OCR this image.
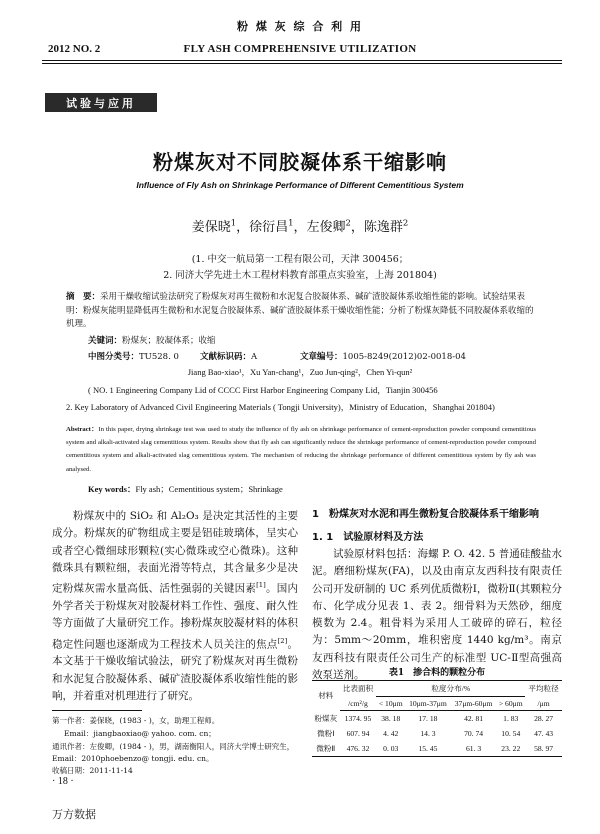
粉 煤 灰 综 合 利 用
2012 NO. 2	FLY ASH COMPREHENSIVE UTILIZATION
试验与应用
粉煤灰对不同胶凝体系干缩影响
Influence of Fly Ash on Shrinkage Performance of Different Cementitious System
姜保晓$^1$，徐衍昌$^1$，左俊卿$^2$，陈逸群$^2$
(1. 中交一航局第一工程有限公司，天津 300456；
2. 同济大学先进土木工程材料教育部重点实验室，上海 201804)
摘　要：采用干燥收缩试验法研究了粉煤灰对再生微粉和水泥复合胶凝体系、碱矿渣胶凝体系收缩性能的影响。试验结果表明：粉煤灰能明显降低再生微粉和水泥复合胶凝体系、碱矿渣胶凝体系干燥收缩性能；分析了粉煤灰降低不同胶凝体系收缩的机理。
关键词：粉煤灰；胶凝体系；收缩
中图分类号：TU528. 0 文献标识码：A	文章编号：1005-8249(2012)02-0018-04
Jiang Bao-xiao¹，Xu Yan-chang¹，Zuo Jun-qing²，Chen Yi-qun²
( NO. 1 Engineering Company Lid of CCCC First Harbor Engineering Company Lid，Tianjin 300456
2. Key Laboratory of Advanced Civil Engineering Materials ( Tongji University)，Ministry of Education，Shanghai 201804)
Abstract：In this paper, drying shrinkage test was used to study the influence of fly ash on shrinkage performance of cement-reproduction powder compound cementitious system and alkali-activated slag cementitious system. Results show that fly ash can significantly reduce the shrinkage performance of cement-reproduction powder compound cementitious system and alkali-activated slag cementitious system. The mechanism of reducing the shrinkage performance of different cementitious system by fly ash was analysed.
Key words：Fly ash；Cementitious system；Shrinkage
粉煤灰中的 SiO₂ 和 Al₂O₃ 是决定其活性的主要成分。粉煤灰的矿物组成主要是铝硅玻璃体，呈实心或者空心微细球形颗粒(实心微珠或空心微珠)。这种微珠具有颗粒细，表面光滑等特点，其含量多少是决定粉煤灰需水量高低、活性强弱的关键因素[1]。国内外学者关于粉煤灰对胶凝材料工作性、强度、耐久性等方面做了大量研究工作。掺粉煤灰胶凝材料的体积稳定性问题也逐渐成为工程技术人员关注的焦点[2]。本文基于干燥收缩试验法，研究了粉煤灰对再生微粉和水泥复合胶凝体系、碱矿渣胶凝体系收缩性能的影响，并着重对机理进行了研究。
第一作者：姜保晓，(1983 - )，女，助理工程师。
Email：jiangbaoxiao@ yahoo. com. cn；
通讯作者：左俊卿，(1984 - )，男，湖南衡阳人，同济大学博士研究生，Email：2010phoebenzo@ tongji. edu. cn。
收稿日期：2011-11-14
1　粉煤灰对水泥和再生微粉复合胶凝体系干缩影响
1. 1　试验原材料及方法
试验原材料包括：海螺 P. O. 42. 5 普通硅酸盐水泥。磨细粉煤灰(FA)，以及由南京友西科技有限责任公司开发研制的 UC 系列优质微粉Ⅰ，微粉Ⅱ(其颗粒分布、化学成分见表 1、表 2。细骨料为天然砂，细度模数为 2.4。粗骨料为采用人工破碎的碎石，粒径为：5mm～20mm，堆积密度 1440 kg/m³。南京友西科技有限责任公司生产的标准型 UC-Ⅱ型高强高效泵送剂。	表1　掺合料的颗粒分布
材料	比表面积	粒度分布/%				平均粒径
	/cm²/g	< 10μm	10μm-37μm	37μm-60μm	> 60μm	/μm
粉煤灰	1374. 95	38. 18	17. 18	42. 81	1. 83	28. 27
微粉Ⅰ	607. 94	4. 42	14. 3	70. 74	10. 54	47. 43
微粉Ⅱ	476. 32	0. 03	15. 45	61. 3	23. 22	58. 97
· 18 ·
万方数据
